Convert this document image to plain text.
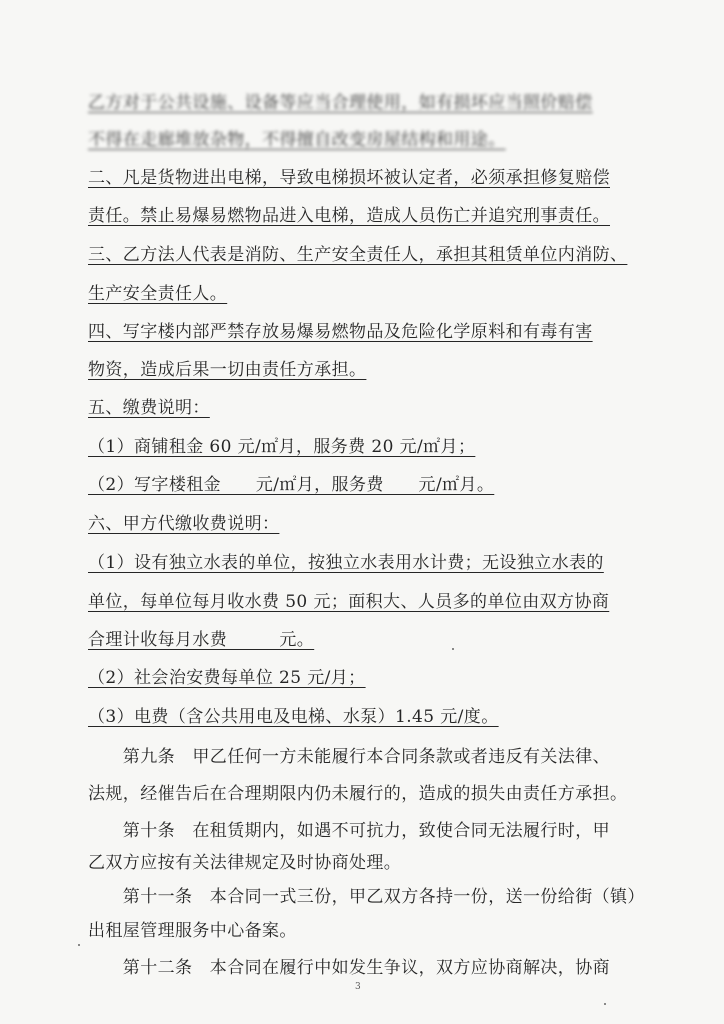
乙方对于公共设施、设备等应当合理使用，如有损坏应当照价赔偿
不得在走廊堆放杂物，不得擅自改变房屋结构和用途。
二、凡是货物进出电梯，导致电梯损坏被认定者，必须承担修复赔偿
责任。禁止易爆易燃物品进入电梯，造成人员伤亡并追究刑事责任。
三、乙方法人代表是消防、生产安全责任人，承担其租赁单位内消防、
生产安全责任人。
四、写字楼内部严禁存放易爆易燃物品及危险化学原料和有毒有害
物资，造成后果一切由责任方承担。
五、缴费说明：
（1）商铺租金 60 元/㎡月，服务费 20 元/㎡月；
（2）写字楼租金　　元/㎡月，服务费　　元/㎡月。
六、甲方代缴收费说明：
（1）设有独立水表的单位，按独立水表用水计费；无设独立水表的
单位，每单位每月收水费 50 元；面积大、人员多的单位由双方协商
合理计收每月水费　　　元。
（2）社会治安费每单位 25 元/月；
（3）电费（含公共用电及电梯、水泵）1.45 元/度。
　　第九条　甲乙任何一方未能履行本合同条款或者违反有关法律、
法规，经催告后在合理期限内仍未履行的，造成的损失由责任方承担。
　　第十条　在租赁期内，如遇不可抗力，致使合同无法履行时，甲
乙双方应按有关法律规定及时协商处理。
　　第十一条　本合同一式三份，甲乙双方各持一份，送一份给街（镇）
出租屋管理服务中心备案。
　　第十二条　本合同在履行中如发生争议，双方应协商解决，协商
3
